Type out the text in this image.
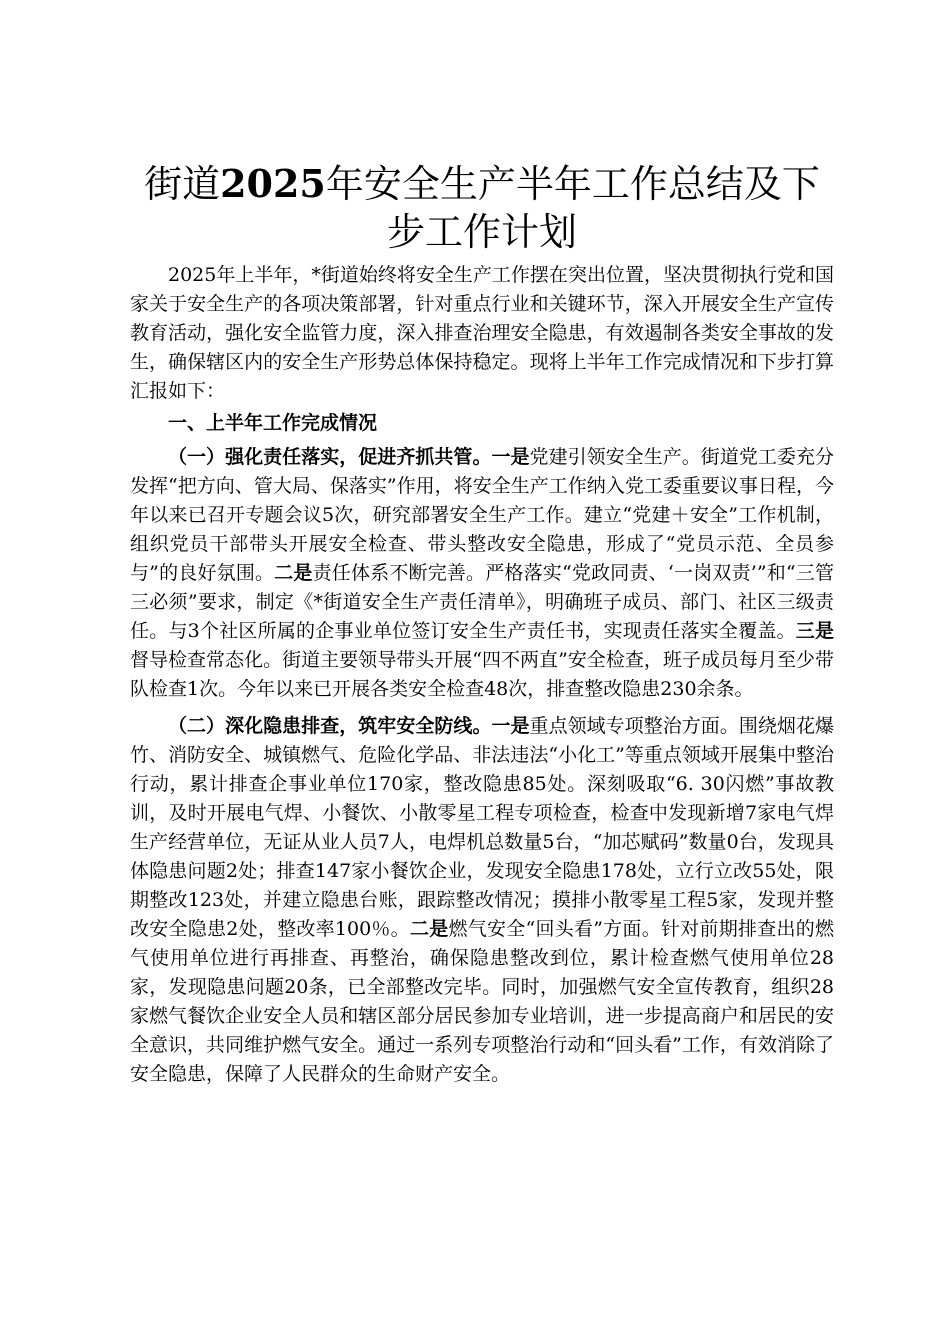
街道2025年安全生产半年工作总结及下步工作计划

2025年上半年，*街道始终将安全生产工作摆在突出位置，坚决贯彻执行党和国家关于安全生产的各项决策部署，针对重点行业和关键环节，深入开展安全生产宣传教育活动，强化安全监管力度，深入排查治理安全隐患，有效遏制各类安全事故的发生，确保辖区内的安全生产形势总体保持稳定。现将上半年工作完成情况和下步打算汇报如下：

一、上半年工作完成情况

（一）强化责任落实，促进齐抓共管。一是党建引领安全生产。街道党工委充分发挥“把方向、管大局、保落实”作用，将安全生产工作纳入党工委重要议事日程，今年以来已召开专题会议5次，研究部署安全生产工作。建立“党建＋安全”工作机制，组织党员干部带头开展安全检查、带头整改安全隐患，形成了“党员示范、全员参与”的良好氛围。二是责任体系不断完善。严格落实“党政同责、‘一岗双责’”和“三管三必须”要求，制定《*街道安全生产责任清单》，明确班子成员、部门、社区三级责任。与3个社区所属的企事业单位签订安全生产责任书，实现责任落实全覆盖。三是督导检查常态化。街道主要领导带头开展“四不两直”安全检查，班子成员每月至少带队检查1次。今年以来已开展各类安全检查48次，排查整改隐患230余条。

（二）深化隐患排查，筑牢安全防线。一是重点领域专项整治方面。围绕烟花爆竹、消防安全、城镇燃气、危险化学品、非法违法“小化工”等重点领域开展集中整治行动，累计排查企事业单位170家，整改隐患85处。深刻吸取“6. 30闪燃”事故教训，及时开展电气焊、小餐饮、小散零星工程专项检查，检查中发现新增7家电气焊生产经营单位，无证从业人员7人，电焊机总数量5台，“加芯赋码”数量0台，发现具体隐患问题2处；排查147家小餐饮企业，发现安全隐患178处，立行立改55处，限期整改123处，并建立隐患台账，跟踪整改情况；摸排小散零星工程5家，发现并整改安全隐患2处，整改率100％。二是燃气安全“回头看”方面。针对前期排查出的燃气使用单位进行再排查、再整治，确保隐患整改到位，累计检查燃气使用单位28家，发现隐患问题20条，已全部整改完毕。同时，加强燃气安全宣传教育，组织28家燃气餐饮企业安全人员和辖区部分居民参加专业培训，进一步提高商户和居民的安全意识，共同维护燃气安全。通过一系列专项整治行动和“回头看”工作，有效消除了安全隐患，保障了人民群众的生命财产安全。
